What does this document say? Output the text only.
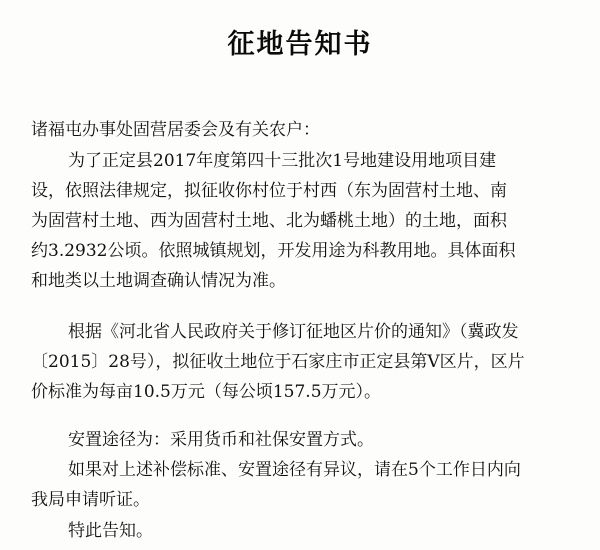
征地告知书
诸福屯办事处固营居委会及有关农户：
为了正定县2017年度第四十三批次1号地建设用地项目建
设，依照法律规定，拟征收你村位于村西（东为固营村土地、南
为固营村土地、西为固营村土地、北为蟠桃土地）的土地，面积
约3.2932公顷。依照城镇规划，开发用途为科教用地。具体面积
和地类以土地调查确认情况为准。
根据《河北省人民政府关于修订征地区片价的通知》（冀政发
〔2015〕28号），拟征收土地位于石家庄市正定县第Ⅴ区片，区片
价标准为每亩10.5万元（每公顷157.5万元）。
安置途径为：采用货币和社保安置方式。
如果对上述补偿标准、安置途径有异议，请在5个工作日内向
我局申请听证。
特此告知。
